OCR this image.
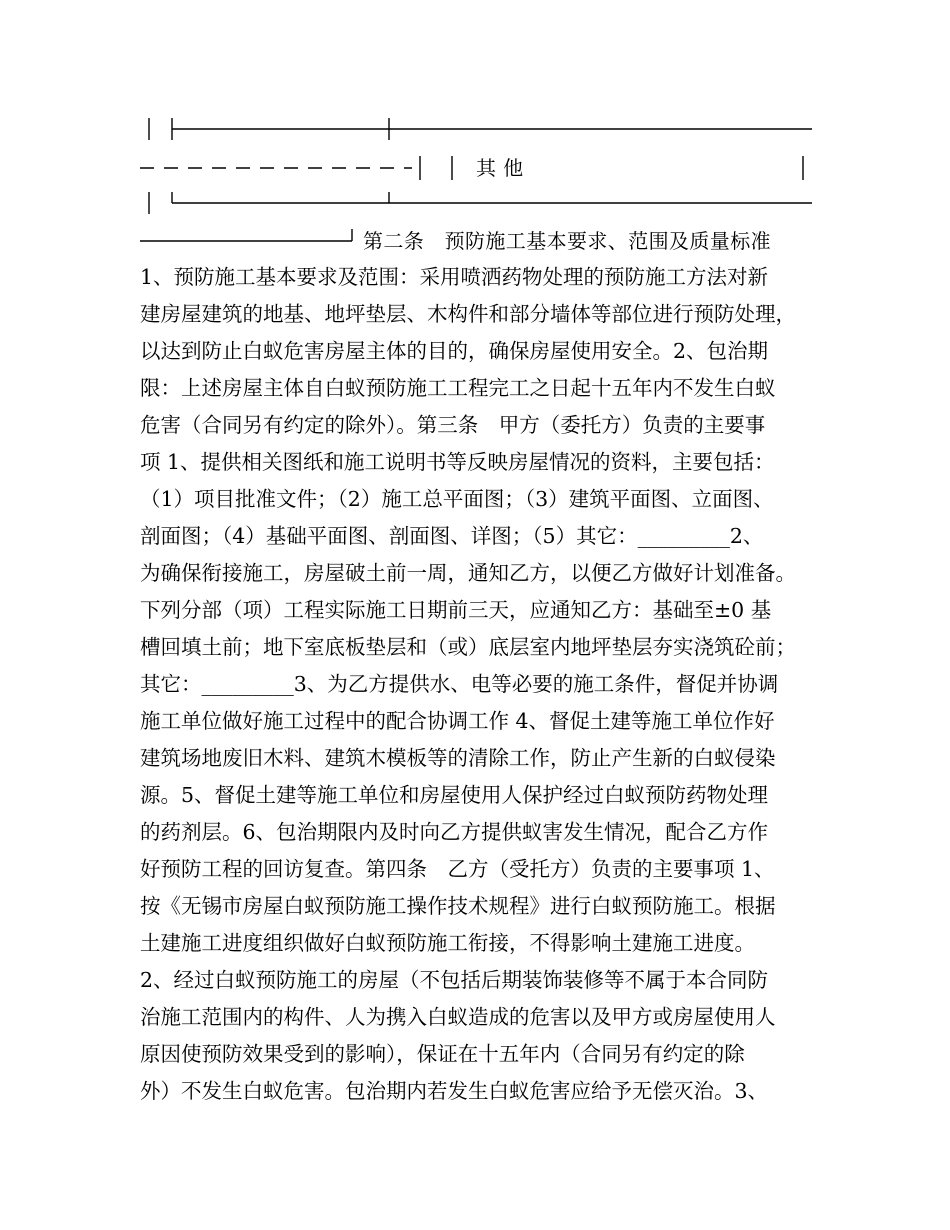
其 他
第二条　预防施工基本要求、范围及质量标准
1、预防施工基本要求及范围：采用喷洒药物处理的预防施工方法对新
建房屋建筑的地基、地坪垫层、木构件和部分墙体等部位进行预防处理，
以达到防止白蚁危害房屋主体的目的，确保房屋使用安全。2、包治期
限：上述房屋主体自白蚁预防施工工程完工之日起十五年内不发生白蚁
危害（合同另有约定的除外）。第三条　甲方（委托方）负责的主要事
项 1、提供相关图纸和施工说明书等反映房屋情况的资料，主要包括：
（1）项目批准文件；（2）施工总平面图；（3）建筑平面图、立面图、
剖面图；（4）基础平面图、剖面图、详图；（5）其它：_________2、
为确保衔接施工，房屋破土前一周，通知乙方，以便乙方做好计划准备。
下列分部（项）工程实际施工日期前三天，应通知乙方：基础至±0 基
槽回填土前；地下室底板垫层和（或）底层室内地坪垫层夯实浇筑砼前；
其它：_________3、为乙方提供水、电等必要的施工条件，督促并协调
施工单位做好施工过程中的配合协调工作 4、督促土建等施工单位作好
建筑场地废旧木料、建筑木模板等的清除工作，防止产生新的白蚁侵染
源。5、督促土建等施工单位和房屋使用人保护经过白蚁预防药物处理
的药剂层。6、包治期限内及时向乙方提供蚁害发生情况，配合乙方作
好预防工程的回访复查。第四条　乙方（受托方）负责的主要事项 1、
按《无锡市房屋白蚁预防施工操作技术规程》进行白蚁预防施工。根据
土建施工进度组织做好白蚁预防施工衔接，不得影响土建施工进度。
2、经过白蚁预防施工的房屋（不包括后期装饰装修等不属于本合同防
治施工范围内的构件、人为携入白蚁造成的危害以及甲方或房屋使用人
原因使预防效果受到的影响），保证在十五年内（合同另有约定的除
外）不发生白蚁危害。包治期内若发生白蚁危害应给予无偿灭治。3、
